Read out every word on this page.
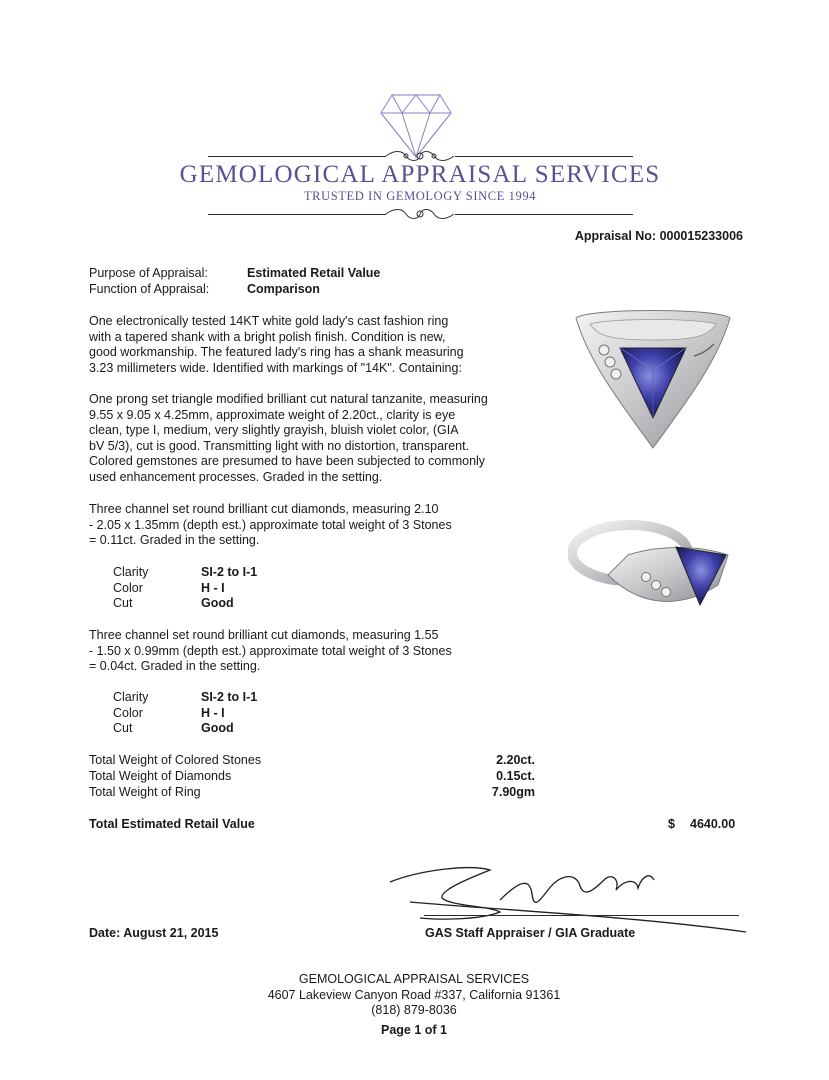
GEMOLOGICAL APPRAISAL SERVICES
TRUSTED IN GEMOLOGY SINCE 1994
Appraisal No: 000015233006
Purpose of Appraisal:	Estimated Retail Value
Function of Appraisal:	Comparison
One electronically tested 14KT white gold lady's cast fashion ring
with a tapered shank with a bright polish finish. Condition is new,
good workmanship. The featured lady's ring has a shank measuring
3.23 millimeters wide. Identified with markings of "14K". Containing:
One prong set triangle modified brilliant cut natural tanzanite, measuring
9.55 x 9.05 x 4.25mm, approximate weight of 2.20ct., clarity is eye
clean, type I, medium, very slightly grayish, bluish violet color, (GIA
bV 5/3), cut is good. Transmitting light with no distortion, transparent.
Colored gemstones are presumed to have been subjected to commonly
used enhancement processes. Graded in the setting.
Three channel set round brilliant cut diamonds, measuring 2.10
- 2.05 x 1.35mm (depth est.) approximate total weight of 3 Stones
= 0.11ct. Graded in the setting.
Clarity	SI-2 to I-1
Color	H - I
Cut	Good
Three channel set round brilliant cut diamonds, measuring 1.55
- 1.50 x 0.99mm (depth est.) approximate total weight of 3 Stones
= 0.04ct. Graded in the setting.
Clarity	SI-2 to I-1
Color	H - I
Cut	Good
Total Weight of Colored Stones	2.20ct.
Total Weight of Diamonds	0.15ct.
Total Weight of Ring	7.90gm
Total Estimated Retail Value	$ 4640.00
Date: August 21, 2015	GAS Staff Appraiser / GIA Graduate
GEMOLOGICAL APPRAISAL SERVICES
4607 Lakeview Canyon Road #337, California 91361
(818) 879-8036
Page 1 of 1
